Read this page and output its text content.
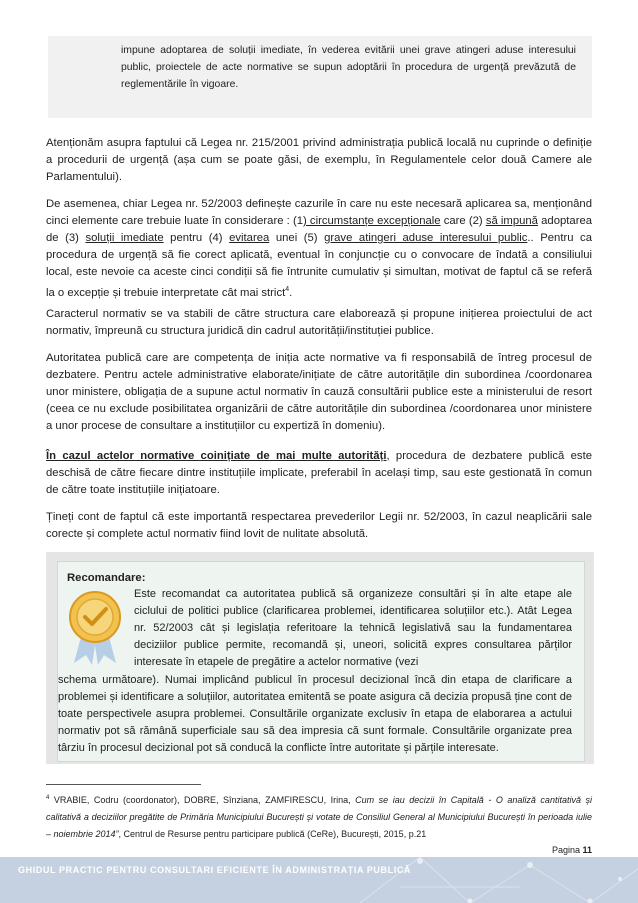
impune adoptarea de soluții imediate, în vederea evitării unei grave atingeri aduse interesului public, proiectele de acte normative se supun adoptării în procedura de urgență prevăzută de reglementările în vigoare.
Atenționăm asupra faptului că Legea nr. 215/2001 privind administrația publică locală nu cuprinde o definiție a procedurii de urgență (așa cum se poate găsi, de exemplu, în Regulamentele celor două Camere ale Parlamentului).
De asemenea, chiar Legea nr. 52/2003 definește cazurile în care nu este necesară aplicarea sa, menționând cinci elemente care trebuie luate în considerare : (1) circumstanțe excepționale care (2) să impună adoptarea de (3) soluții imediate pentru (4) evitarea unei (5) grave atingeri aduse interesului public.. Pentru ca procedura de urgență să fie corect aplicată, eventual în conjuncție cu o convocare de îndată a consiliului local, este nevoie ca aceste cinci condiții să fie întrunite cumulativ și simultan, motivat de faptul că se referă la o excepție și trebuie interpretate cât mai strict$^4$.
Caracterul normativ se va stabili de către structura care elaborează și propune inițierea proiectului de act normativ, împreună cu structura juridică din cadrul autorității/instituției publice.
Autoritatea publică care are competența de iniția acte normative va fi responsabilă de întreg procesul de dezbatere. Pentru actele administrative elaborate/inițiate de către autoritățile din subordinea /coordonarea unor ministere, obligația de a supune actul normativ în cauză consultării publice este a ministerului de resort (ceea ce nu exclude posibilitatea organizării de către autoritățile din subordinea /coordonarea unor ministere a unor procese de consultare a instituțiilor cu expertiză în domeniu).
În cazul actelor normative coinițiate de mai multe autorități, procedura de dezbatere publică este deschisă de către fiecare dintre instituțiile implicate, preferabil în același timp, sau este gestionată în comun de către toate instituțiile inițiatoare.
Țineți cont de faptul că este importantă respectarea prevederilor Legii nr. 52/2003, în cazul neaplicării sale corecte și complete actul normativ fiind lovit de nulitate absolută.
Recomandare:
Este recomandat ca autoritatea publică să organizeze consultări și în alte etape ale ciclului de politici publice (clarificarea problemei, identificarea soluțiilor etc.). Atât Legea nr. 52/2003 cât și legislația referitoare la tehnică legislativă sau la fundamentarea deciziilor publice permite, recomandă și, uneori, solicită expres consultarea părților interesate în etapele de pregătire a actelor normative (vezi
schema următoare). Numai implicând publicul în procesul decizional încă din etapa de clarificare a problemei și identificare a soluțiilor, autoritatea emitentă se poate asigura că decizia propusă ține cont de toate perspectivele asupra problemei. Consultările organizate exclusiv în etapa de elaborarea a actului normativ pot să rămână superficiale sau să dea impresia că sunt formale. Consultările organizate prea târziu în procesul decizional pot să conducă la conflicte între autoritate și părțile interesate.
$^4$ VRABIE, Codru (coordonator), DOBRE, Sînziana, ZAMFIRESCU, Irina, Cum se iau decizii în Capitală - O analiză cantitativă și calitativă a deciziilor pregătite de Primăria Municipiului București și votate de Consiliul General al Municipiului București în perioada iulie – noiembrie 2014”, Centrul de Resurse pentru participare publică (CeRe), București, 2015, p.21
Pagina 11
GHIDUL PRACTIC PENTRU CONSULTARI EFICIENTE ÎN ADMINISTRAȚIA PUBLICĂ
